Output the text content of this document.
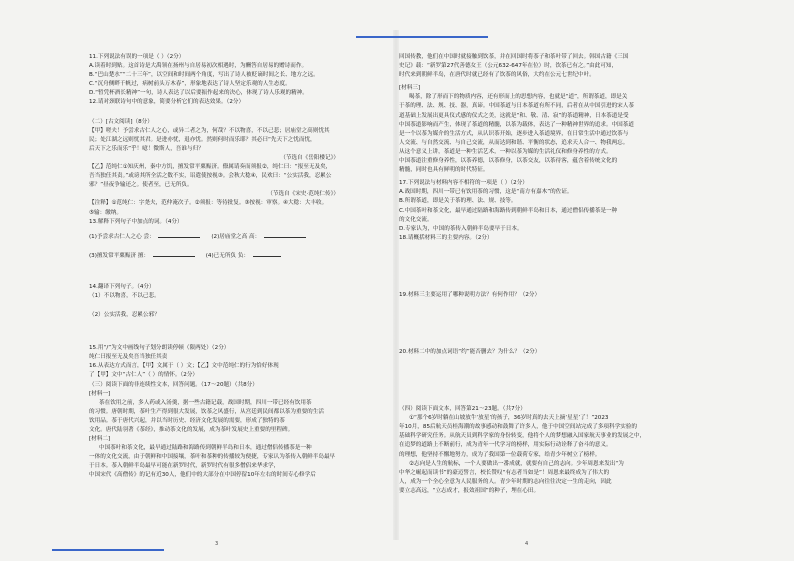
11.下列说法有误的一项是（ ）（2分）
A.读着时到贴。这首诗是大禹领在扬州与自居易初次相遇时，为酬答自居易的赠诗而作。
B.“巴山楚水”“二十三年”，以空间和时间两个角度，写出了诗人被贬谪时间之长、地方之远。
C.“沉舟侧畔千帆过，病树前头万木春”，形象地表达了诗人坚定乐观的人生态度。
D.“暂凭杯酒长精神”一句，诗人表达了以后要振作起来的决心，体现了诗人乐观的精神。
12.请对颈联诗句中的意象，简要分析它们的表达效果。（2分）
（二）[古文阅读]（8分）
【甲】嗟夫！予尝求古仁人之心，或异二者之为，何哉？不以物喜，不以己悲；居庙堂之高则忧其
民；处江湖之远则忧其君。是进亦忧，退亦忧。然则何时而乐耶？其必曰“先天下之忧而忧，
后天下之乐而乐”乎！噫！微斯人，吾谁与归？
（节选自《岳阳楼记》）
【乙】范纯仁①知庆州，秦中方饥，擅发常平粟赈济。僚属请奏而须报②，纯仁曰：“报至无及矣，
吾当独任其责。”或谤其所全活之数不实，诏遣使按视③。会秋大稔④，民欢曰：“公实活我，忍累公
邪？”昼夜争输还之。使者至，已无所负。
（节选自《宋史·范纯仁传》）
【注释】①范纯仁：字尧夫，范仲淹次子。②须报：等待批复。③按视：审察。④大稔：大丰收。
⑤输：缴纳。
13.解释下列句子中加点的词。（4分）
(1)予尝求古仁人之心 尝：	(2)居庙堂之高 高：
(3)擅发常平粟赈济 擅：	(4)已无所负 负：
14.翻译下列句子。（4分）
（1）不以物喜，不以己悲。
（2）公实活我，忍累公邪？
15.用“/”为文中画线句子划分朗读停顿（限两处）（2分）
纯仁曰报至无及矣吾当独任其责
16.从表达方式而言，【甲】文属于（ ）文；【乙】文中范纯仁的行为恰好体现
了【甲】文中“古仁人”（ ）的情怀。（2分）
（三）阅读下面的非连续性文本，回答问题。（17～20题）（共8分）
[材料一]
茶在饮用之前，多人药或入汤羹，据一些古籍记载，战国时期，四川一带已经有饮用茶
的习惯。唐朝时期，茶叶生产得到很大发展，饮茶之风盛行，从宫廷到民间都以茶为重要的生活
饮用品。茶于唐代兴起，并以当时历史、经济文化发展的需要，形成了独特的茶
文化。唐代陆羽著《茶经》，推动茶文化的发展，成为茶叶发展史上重要的里程碑。
[材料二]
中国茶叶和茶文化，最早通过陆路和海路传到朝鲜半岛和日本，通过僧侣传播茶是一种
一体的文化交流，由于朝鲜和中国接壤，茶叶和茶种的传播较为便捷，专家认为茶传入朝鲜半岛最早
于日本。茶入朝鲜半岛最早可能在新罗时代，新罗时代有很多僧侣来华求学，
中国宋代《高僧传》的记有近30人，他们中的大部分在中国停留10年左右的时间专心修学后
3
回国传教，他们在中国时就接触到饮茶，并在回国时将茶子和茶叶带了回去。韩国古籍《三国
史记》载：“新罗第27代善德女王（公元632-647年在位）时，饮茶已有之。”由此可知，
时代来到朝鲜半岛，在唐代时就已经有了饮茶的风俗，大约在公元七世纪中叶。
[材料三]
喝茶，除了形而下的物质内容，还有形而上的思想内容，也就是“道”，所谓茶道，即是关
于茶的理、法、规、技、器，真谛。中国茶道与日本茶道有所不同，后者在从中国引进的宋人茶
道基础上发展出更具仪式感的仪式之美，这就是“和、敬、清、寂”的茶道精神，日本茶道是受
中国茶道影响而产生，体现了茶道的精髓，以茶为载体，表达了一种精神世界的追求。中国茶道
是一个以茶为媒介的生活方式，从认识茶开始，逐步进入茶道境界，在日常生活中通过饮茶与
人交流、与自然交流、与自己交流，从而达到和谐、平衡的状态，追求天人合一、物我两忘。
从这个意义上讲，茶道是一种生活艺术，一种以茶为媒的生活礼仪和修身养性的方式。
中国茶道注重修身养性，以茶养德，以茶修身，以茶交友，以茶待客，蕴含着传统文化的
精髓，同时也具有鲜明的时代特征。
17.下列说法与材料内容不相符的一项是（ ）（2分）
A.战国时期，四川一带已有饮用茶的习惯，这是“南方有嘉木”的佐证。
B.所谓茶道，即是关于茶的理、法、规、技等。
C.中国茶叶和茶文化，最早通过陆路和海路传到朝鲜半岛和日本，通过僧侣传播茶是一种
的文化交流。
D.专家认为，中国的茶传入朝鲜半岛要早于日本。
18.请概括材料三的主要内容。（2分）
19.材料三主要运用了哪种说明方法？有何作用？（2分）
20.材料二中的加点词语“约”能否删去？为什么？（2分）
（四）阅读下面文本，回答第21～23题。（共7分）
①“那个6岁时躺在山坡放牛‘放星’的孩子，36岁时真的去天上摘‘星星’了！”2023
年10月，85后航天员桂海潮的故事感动和鼓舞了许多人，他于中国空间站完成了多项科学实验的
基础科学研究任务。从航天员到科学家的身份转变，他将个人的梦想融入国家航天事业的发展之中，
在追梦的道路上不断前行，成为青年一代学习的榜样，用实际行动诠释了奋斗的意义。
的理想，他坚持不懈地努力，成为了我国第一位载荷专家，给青少年树立了榜样。
②志向是人生的航标，一个人要做出一番成就，就要有自己的志向。少年周恩来发出“为
中华之崛起而读书”的豪迈誓言，校长赞叹“有志者当如是”！周恩来最终成为了伟大的
人，成为一个全心全意为人民服务的人。青少年时期的志向往往决定一生的走向，因此
要立志高远，“立志成才，报效祖国”的种子，埋在心田。
4
